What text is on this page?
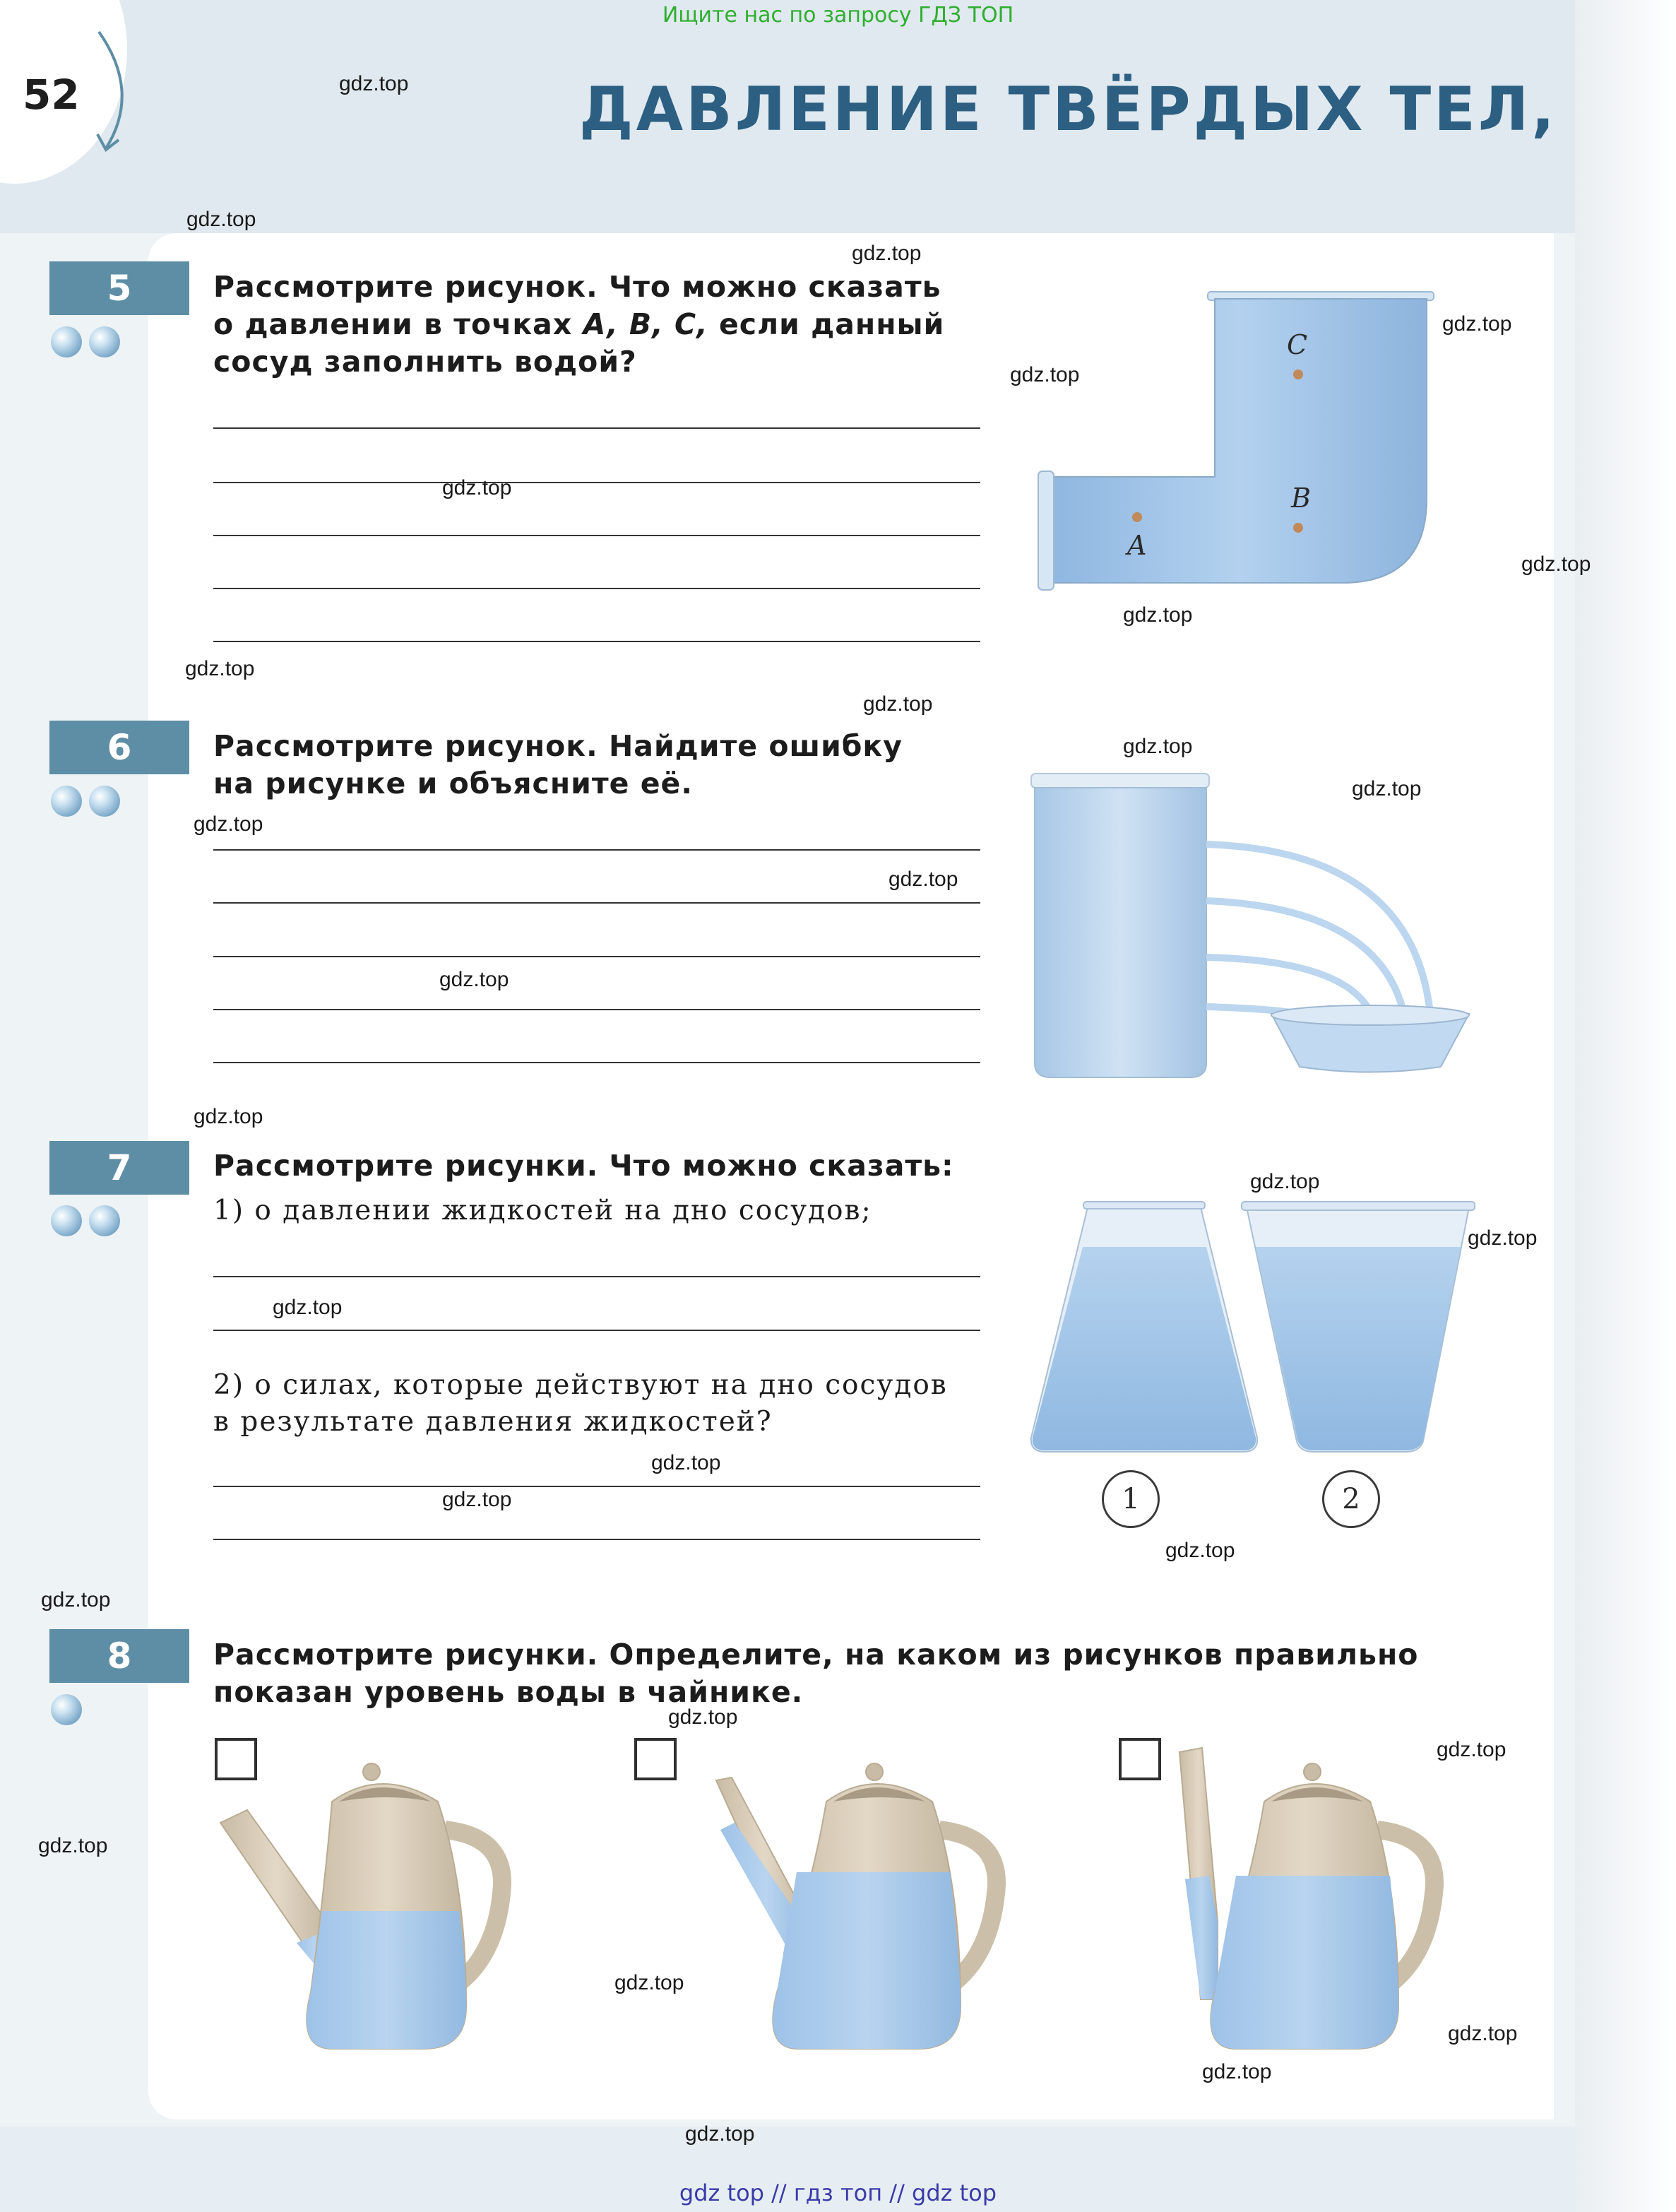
Ищите нас по запросу ГДЗ ТОП
52	ДАВЛЕНИЕ ТВЁРДЫХ ТЕЛ,
5	Рассмотрите рисунок. Что можно сказать
о давлении в точках A, B, C, если данный
сосуд заполнить водой?
A
B
C
6	Рассмотрите рисунок. Найдите ошибку
на рисунке и объясните её.
7	Рассмотрите рисунки. Что можно сказать:
1) о давлении жидкостей на дно сосудов;
2) о силах, которые действуют на дно сосудов
в результате давления жидкостей?
1	2
8	Рассмотрите рисунки. Определите, на каком из рисунков правильно
показан уровень воды в чайнике.
gdz.top
gdz.top
gdz.top
gdz.top
gdz.top
gdz.top
gdz.top
gdz.top
gdz.top
gdz.top
gdz.top
gdz.top
gdz.top
gdz.top
gdz.top
gdz.top
gdz.top
gdz.top
gdz.top
gdz.top
gdz.top
gdz.top
gdz.top
gdz.top
gdz.top
gdz.top
gdz.top
gdz.top
gdz.top
gdz.top
gdz top // гдз топ // gdz top
